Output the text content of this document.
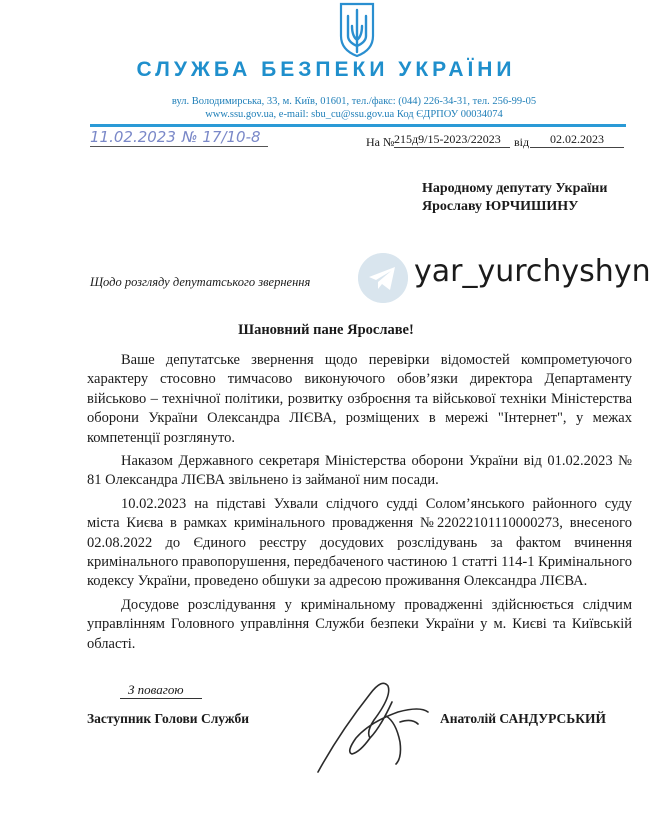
СЛУЖБА БЕЗПЕКИ УКРАЇНИ
вул. Володимирська, 33, м. Київ, 01601, тел./факс: (044) 226-34-31, тел. 256-99-05
www.ssu.gov.ua, e-mail: sbu_cu@ssu.gov.ua Код ЄДРПОУ 00034074
11.02.2023 № 17/10-8	На № 215д9/15-2023/22023	від	02.02.2023
Народному депутату України
Ярославу ЮРЧИШИНУ
Щодо розгляду депутатського звернення	yar_yurchyshyn
Шановний пане Ярославе!

Ваше депутатське звернення щодо перевірки відомостей компрометуючого характеру стосовно тимчасово виконуючого обов’язки директора Департаменту військово – технічної політики, розвитку озброєння та військової техніки Міністерства оборони України Олександра ЛІЄВА, розміщених в мережі "Інтернет", у межах компетенції розглянуто.

Наказом Державного секретаря Міністерства оборони України від 01.02.2023 № 81 Олександра ЛІЄВА звільнено із займаної ним посади.

10.02.2023 на підставі Ухвали слідчого судді Солом’янського районного суду міста Києва в рамках кримінального провадження №22022101110000273, внесеного 02.08.2022 до Єдиного реєстру досудових розслідувань за фактом вчинення кримінального правопорушення, передбаченого частиною 1 статті 114-1 Кримінального кодексу України, проведено обшуки за адресою проживання Олександра ЛІЄВА.

Досудове розслідування у кримінальному провадженні здійснюється слідчим управлінням Головного управління Служби безпеки України у м. Києві та Київській області.

З повагою
Заступник Голови Служби	Анатолій САНДУРСЬКИЙ
